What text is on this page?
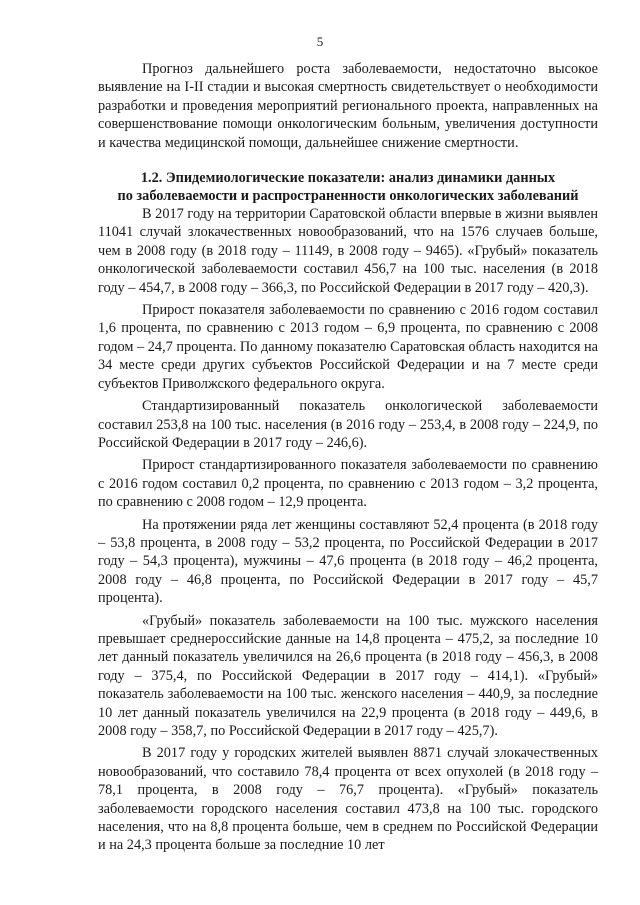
5

Прогноз дальнейшего роста заболеваемости, недостаточно высокое выявление на I-II стадии и высокая смертность свидетельствует о необходимости разработки и проведения мероприятий регионального проекта, направленных на совершенствование помощи онкологическим больным, увеличения доступности и качества медицинской помощи, дальнейшее снижение смертности.

1.2. Эпидемиологические показатели: анализ динамики данных
по заболеваемости и распространенности онкологических заболеваний

В 2017 году на территории Саратовской области впервые в жизни выявлен 11041 случай злокачественных новообразований, что на 1576 случаев больше, чем в 2008 году (в 2018 году – 11149, в 2008 году – 9465). «Грубый» показатель онкологической заболеваемости составил 456,7 на 100 тыс. населения (в 2018 году – 454,7, в 2008 году – 366,3, по Российской Федерации в 2017 году – 420,3).

Прирост показателя заболеваемости по сравнению с 2016 годом составил 1,6 процента, по сравнению с 2013 годом – 6,9 процента, по сравнению с 2008 годом – 24,7 процента. По данному показателю Саратовская область находится на 34 месте среди других субъектов Российской Федерации и на 7 месте среди субъектов Приволжского федерального округа.

Стандартизированный показатель онкологической заболеваемости составил 253,8 на 100 тыс. населения (в 2016 году – 253,4, в 2008 году – 224,9, по Российской Федерации в 2017 году – 246,6).

Прирост стандартизированного показателя заболеваемости по сравнению с 2016 годом составил 0,2 процента, по сравнению с 2013 годом – 3,2 процента, по сравнению с 2008 годом – 12,9 процента.

На протяжении ряда лет женщины составляют 52,4 процента (в 2018 году – 53,8 процента, в 2008 году – 53,2 процента, по Российской Федерации в 2017 году – 54,3 процента), мужчины – 47,6 процента (в 2018 году – 46,2 процента, 2008 году – 46,8 процента, по Российской Федерации в 2017 году – 45,7 процента).

«Грубый» показатель заболеваемости на 100 тыс. мужского населения превышает среднероссийские данные на 14,8 процента – 475,2, за последние 10 лет данный показатель увеличился на 26,6 процента (в 2018 году – 456,3, в 2008 году – 375,4, по Российской Федерации в 2017 году – 414,1). «Грубый» показатель заболеваемости на 100 тыс. женского населения – 440,9, за последние 10 лет данный показатель увеличился на 22,9 процента (в 2018 году – 449,6, в 2008 году – 358,7, по Российской Федерации в 2017 году – 425,7).

В 2017 году у городских жителей выявлен 8871 случай злокачественных новообразований, что составило 78,4 процента от всех опухолей (в 2018 году – 78,1 процента, в 2008 году – 76,7 процента). «Грубый» показатель заболеваемости городского населения составил 473,8 на 100 тыс. городского населения, что на 8,8 процента больше, чем в среднем по Российской Федерации и на 24,3 процента больше за последние 10 лет
